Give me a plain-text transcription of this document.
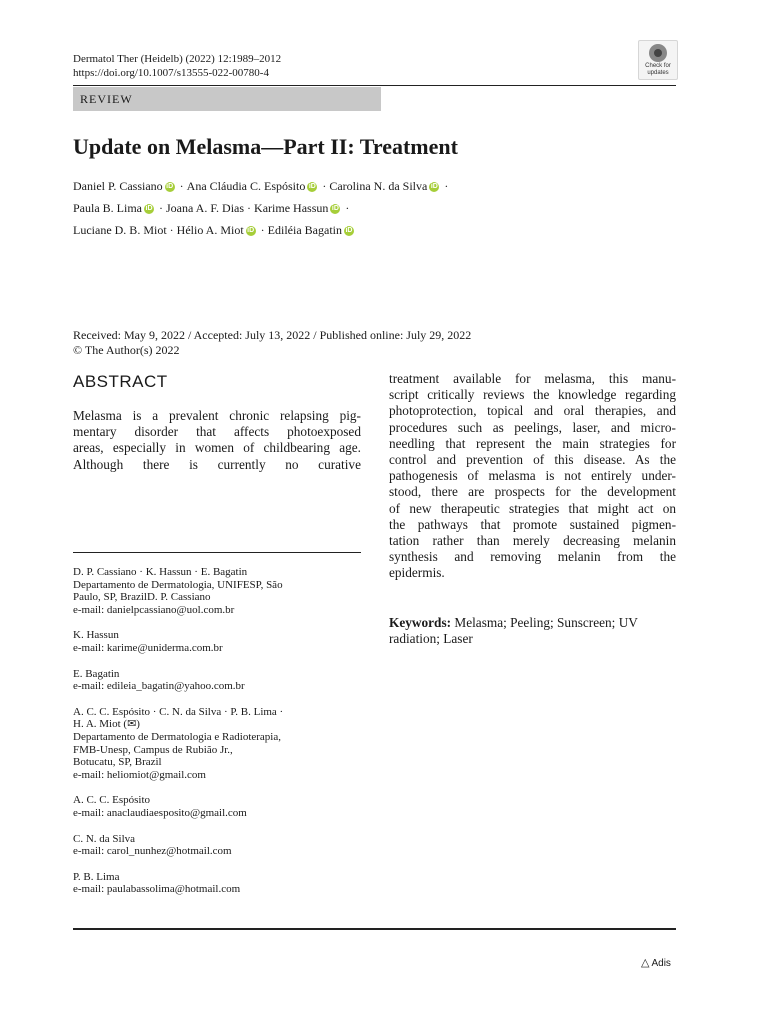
Dermatol Ther (Heidelb) (2022) 12:1989–2012
https://doi.org/10.1007/s13555-022-00780-4
Check for
updates
REVIEW
Update on Melasma—Part II: Treatment
Daniel P. Cassiano iD · Ana Cláudia C. Espósito iD · Carolina N. da Silva iD ·
Paula B. Lima iD · Joana A. F. Dias · Karime Hassun iD ·
Luciane D. B. Miot · Hélio A. Miot iD · Ediléia Bagatin iD
Received: May 9, 2022 / Accepted: July 13, 2022 / Published online: July 29, 2022
© The Author(s) 2022
ABSTRACT
Melasma is a prevalent chronic relapsing pig-
mentary disorder that affects photoexposed
areas, especially in women of childbearing age.
Although there is currently no curative
treatment available for melasma, this manu-
script critically reviews the knowledge regarding
photoprotection, topical and oral therapies, and
procedures such as peelings, laser, and micro-
needling that represent the main strategies for
control and prevention of this disease. As the
pathogenesis of melasma is not entirely under-
stood, there are prospects for the development
of new therapeutic strategies that might act on
the pathways that promote sustained pigmen-
tation rather than merely decreasing melanin
synthesis and removing melanin from the
epidermis.
Keywords: Melasma; Peeling; Sunscreen; UV
radiation; Laser
D. P. Cassiano · K. Hassun · E. Bagatin
Departamento de Dermatologia, UNIFESP, São
Paulo, SP, BrazilD. P. Cassiano
e-mail: danielpcassiano@uol.com.br
K. Hassun
e-mail: karime@uniderma.com.br
E. Bagatin
e-mail: edileia_bagatin@yahoo.com.br
A. C. C. Espósito · C. N. da Silva · P. B. Lima ·
H. A. Miot (✉)
Departamento de Dermatologia e Radioterapia,
FMB-Unesp, Campus de Rubião Jr.,
Botucatu, SP, Brazil
e-mail: heliomiot@gmail.com
A. C. C. Espósito
e-mail: anaclaudiaesposito@gmail.com
C. N. da Silva
e-mail: carol_nunhez@hotmail.com
P. B. Lima
e-mail: paulabassolima@hotmail.com
△ Adis
